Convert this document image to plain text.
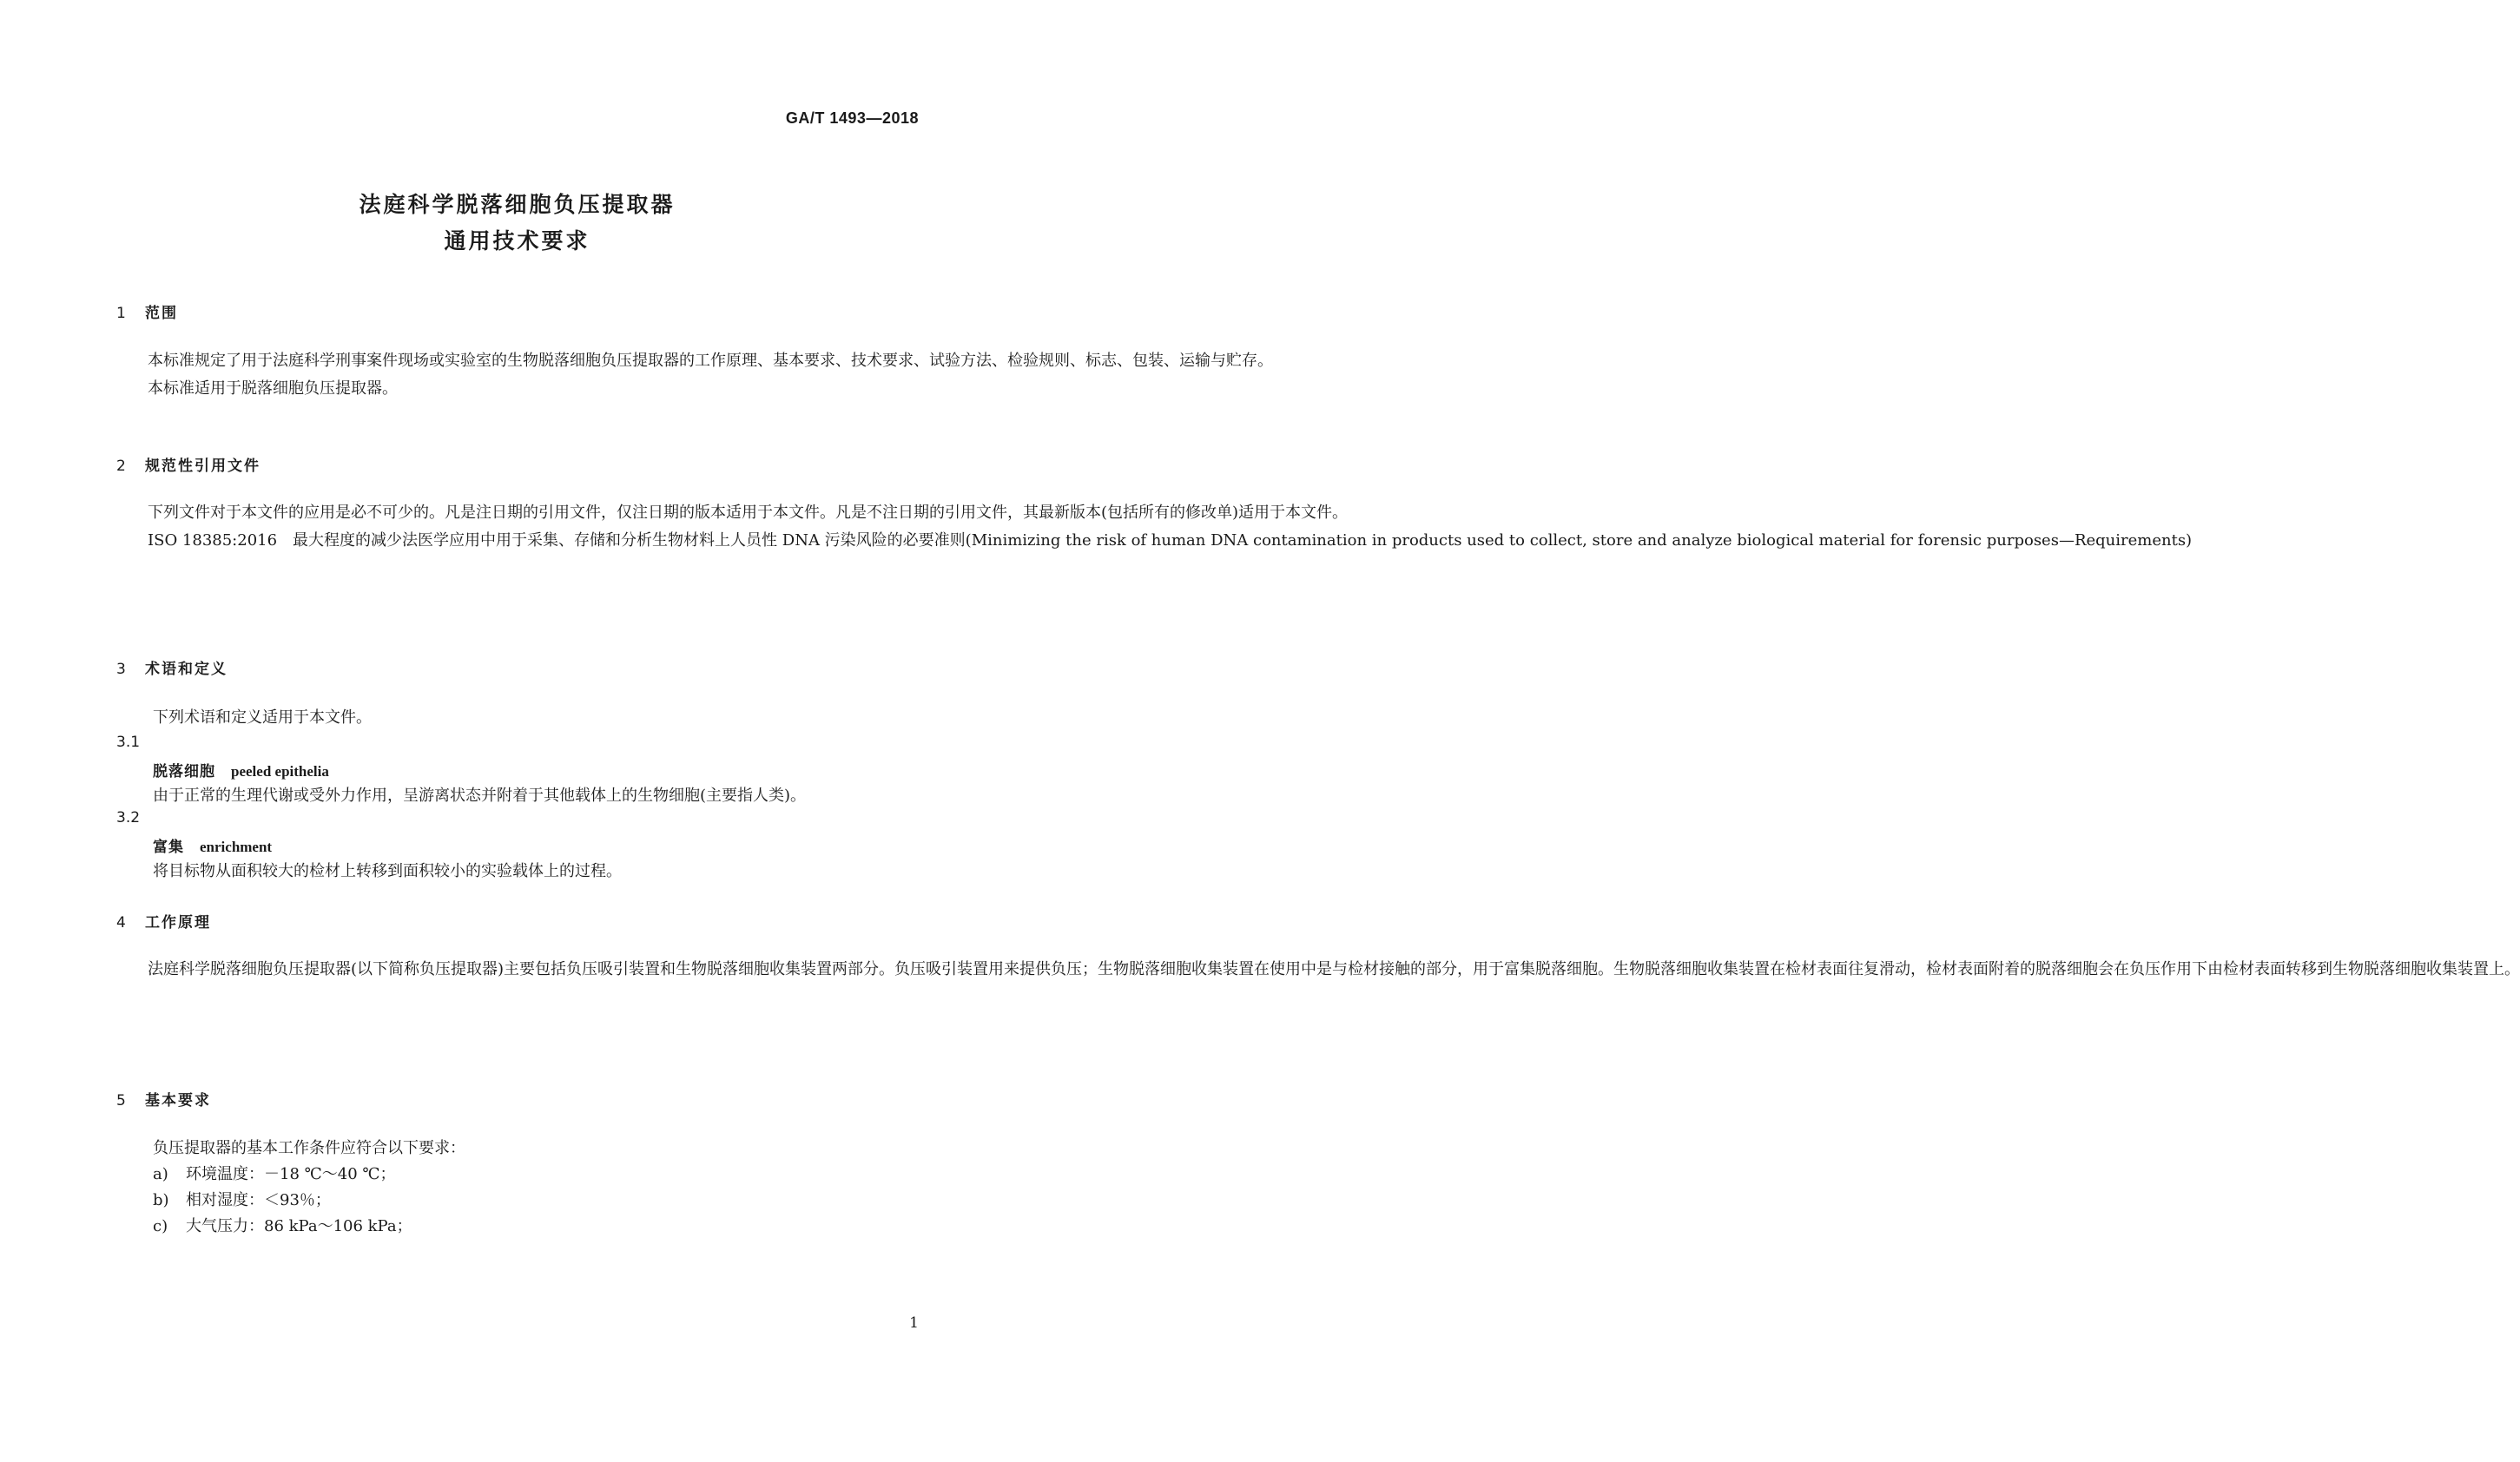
GA/T 1493—2018
法庭科学脱落细胞负压提取器
通用技术要求
1 范围

本标准规定了用于法庭科学刑事案件现场或实验室的生物脱落细胞负压提取器的工作原理、基本要求、技术要求、试验方法、检验规则、标志、包装、运输与贮存。

本标准适用于脱落细胞负压提取器。

2 规范性引用文件

下列文件对于本文件的应用是必不可少的。凡是注日期的引用文件，仅注日期的版本适用于本文件。凡是不注日期的引用文件，其最新版本(包括所有的修改单)适用于本文件。

ISO 18385:2016　最大程度的减少法医学应用中用于采集、存储和分析生物材料上人员性 DNA 污染风险的必要准则(Minimizing the risk of human DNA contamination in products used to collect, store and analyze biological material for forensic purposes—Requirements)

3 术语和定义
下列术语和定义适用于本文件。
3.1
脱落细胞 peeled epithelia
由于正常的生理代谢或受外力作用，呈游离状态并附着于其他载体上的生物细胞(主要指人类)。
3.2
富集 enrichment
将目标物从面积较大的检材上转移到面积较小的实验载体上的过程。
4 工作原理

法庭科学脱落细胞负压提取器(以下简称负压提取器)主要包括负压吸引装置和生物脱落细胞收集装置两部分。负压吸引装置用来提供负压；生物脱落细胞收集装置在使用中是与检材接触的部分，用于富集脱落细胞。生物脱落细胞收集装置在检材表面往复滑动，检材表面附着的脱落细胞会在负压作用下由检材表面转移到生物脱落细胞收集装置上。

5 基本要求
负压提取器的基本工作条件应符合以下要求：
a) 环境温度：－18 ℃～40 ℃；
b) 相对湿度：＜93％；
c) 大气压力：86 kPa～106 kPa；
1
